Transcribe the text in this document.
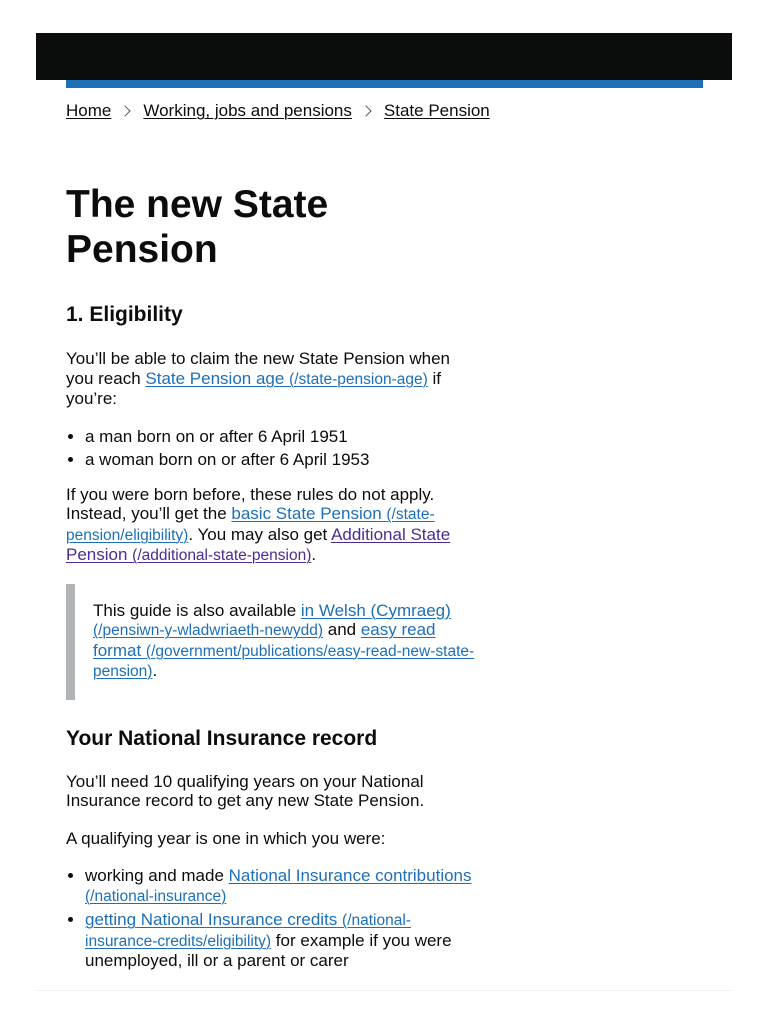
Home Working, jobs and pensions State Pension
The new State Pension
1. Eligibility

You’ll be able to claim the new State Pension when you reach State Pension age (/state-pension-age) if you’re:

• a man born on or after 6 April 1951
• a woman born on or after 6 April 1953

If you were born before, these rules do not apply. Instead, you’ll get the basic State Pension (/state-pension/eligibility). You may also get Additional State Pension (/additional-state-pension).

This guide is also available in Welsh (Cymraeg) (/pensiwn-y-wladwriaeth-newydd) and easy read format (/government/publications/easy-read-new-state-pension).

Your National Insurance record

You’ll need 10 qualifying years on your National Insurance record to get any new State Pension.

A qualifying year is one in which you were:

• working and made National Insurance contributions (/national-insurance)
• getting National Insurance credits (/national-insurance-credits/eligibility) for example if you were unemployed, ill or a parent or carer
